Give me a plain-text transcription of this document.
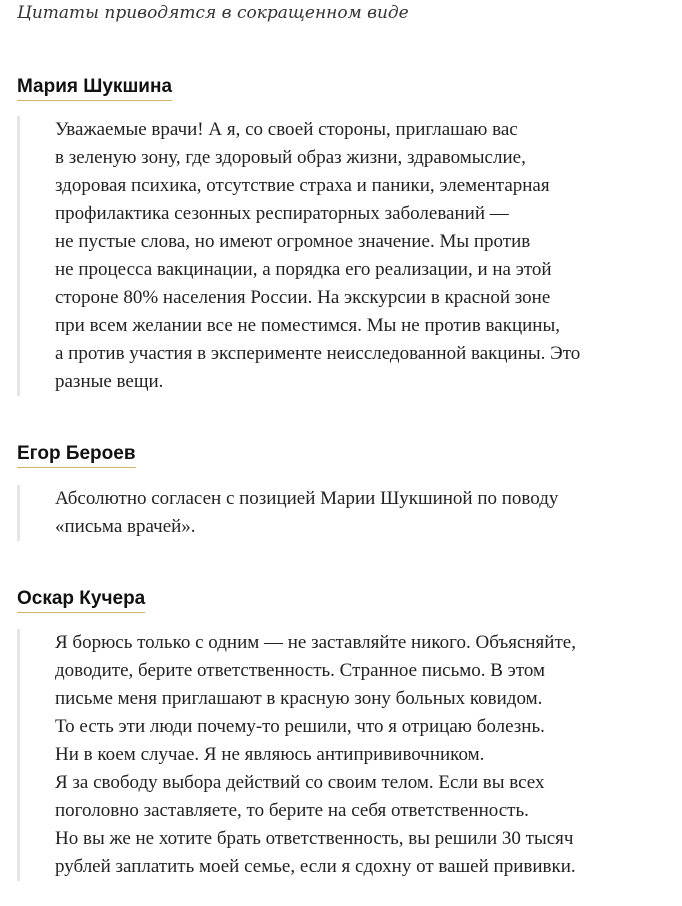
Цитаты приводятся в сокращенном виде

Мария Шукшина

Уважаемые врачи! А я, со своей стороны, приглашаю вас
в зеленую зону, где здоровый образ жизни, здравомыслие,
здоровая психика, отсутствие страха и паники, элементарная
профилактика сезонных респираторных заболеваний —
не пустые слова, но имеют огромное значение. Мы против
не процесса вакцинации, а порядка его реализации, и на этой
стороне 80% населения России. На экскурсии в красной зоне
при всем желании все не поместимся. Мы не против вакцины,
а против участия в эксперименте неисследованной вакцины. Это
разные вещи.

Егор Бероев

Абсолютно согласен с позицией Марии Шукшиной по поводу
«письма врачей».

Оскар Кучера

Я борюсь только с одним — не заставляйте никого. Объясняйте,
доводите, берите ответственность. Странное письмо. В этом
письме меня приглашают в красную зону больных ковидом.
То есть эти люди почему-то решили, что я отрицаю болезнь.
Ни в коем случае. Я не являюсь антипрививочником.
Я за свободу выбора действий со своим телом. Если вы всех
поголовно заставляете, то берите на себя ответственность.
Но вы же не хотите брать ответственность, вы решили 30 тысяч
рублей заплатить моей семье, если я сдохну от вашей прививки.
